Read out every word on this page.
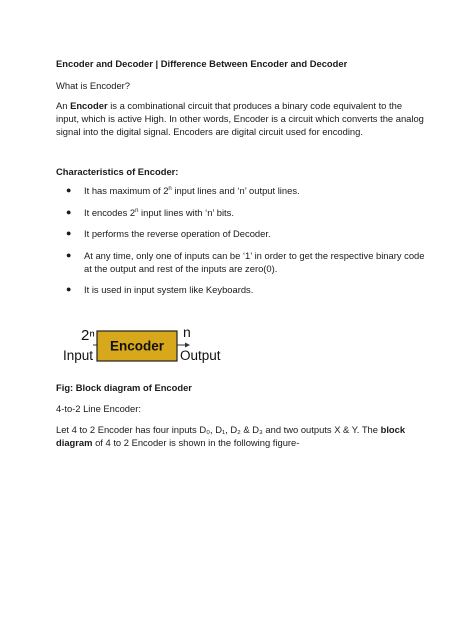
Encoder and Decoder | Difference Between Encoder and Decoder

What is Encoder?

An Encoder is a combinational circuit that produces a binary code equivalent to the input, which is active High. In other words, Encoder is a circuit which converts the analog signal into the digital signal. Encoders are digital circuit used for encoding.

Characteristics of Encoder:

● It has maximum of 2$^n$ input lines and ‘n’ output lines.
● It encodes 2$^n$ input lines with ‘n’ bits.
● It performs the reverse operation of Decoder.
● At any time, only one of inputs can be ‘1’ in order to get the respective binary code at the output and rest of the inputs are zero(0).
● It is used in input system like Keyboards.
2ⁿ
Input
Encoder
n
Output

Fig: Block diagram of Encoder

4-to-2 Line Encoder:

Let 4 to 2 Encoder has four inputs D₀, D₁, D₂ & D₃ and two outputs X & Y. The block diagram of 4 to 2 Encoder is shown in the following figure-
